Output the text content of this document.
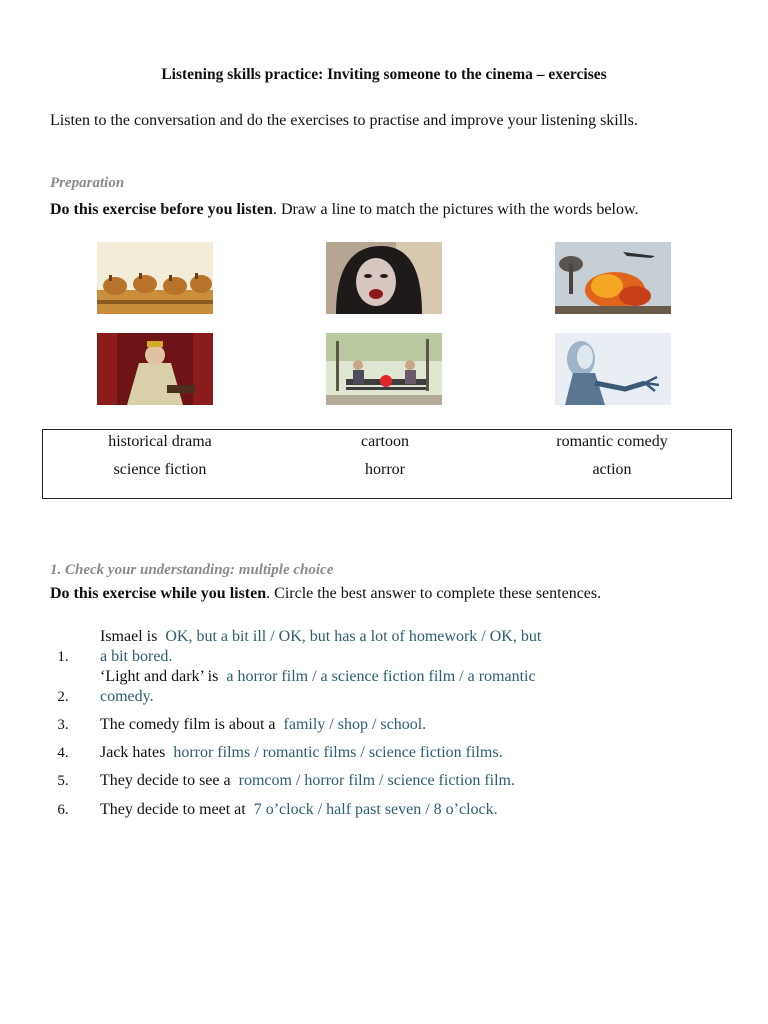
Listening skills practice: Inviting someone to the cinema – exercises
Listen to the conversation and do the exercises to practise and improve your listening skills.
Preparation
Do this exercise before you listen. Draw a line to match the pictures with the words below.
historical drama	cartoon	romantic comedy
science fiction	horror	action
1. Check your understanding: multiple choice
Do this exercise while you listen. Circle the best answer to complete these sentences.
1.
Ismael is OK, but a bit ill / OK, but has a lot of homework / OK, but
a bit bored.
2.
‘Light and dark’ is a horror film / a science fiction film / a romantic
comedy.
3.	The comedy film is about a family / shop / school.
4.	Jack hates horror films / romantic films / science fiction films.
5.	They decide to see a romcom / horror film / science fiction film.
6.	They decide to meet at 7 o’clock / half past seven / 8 o’clock.
